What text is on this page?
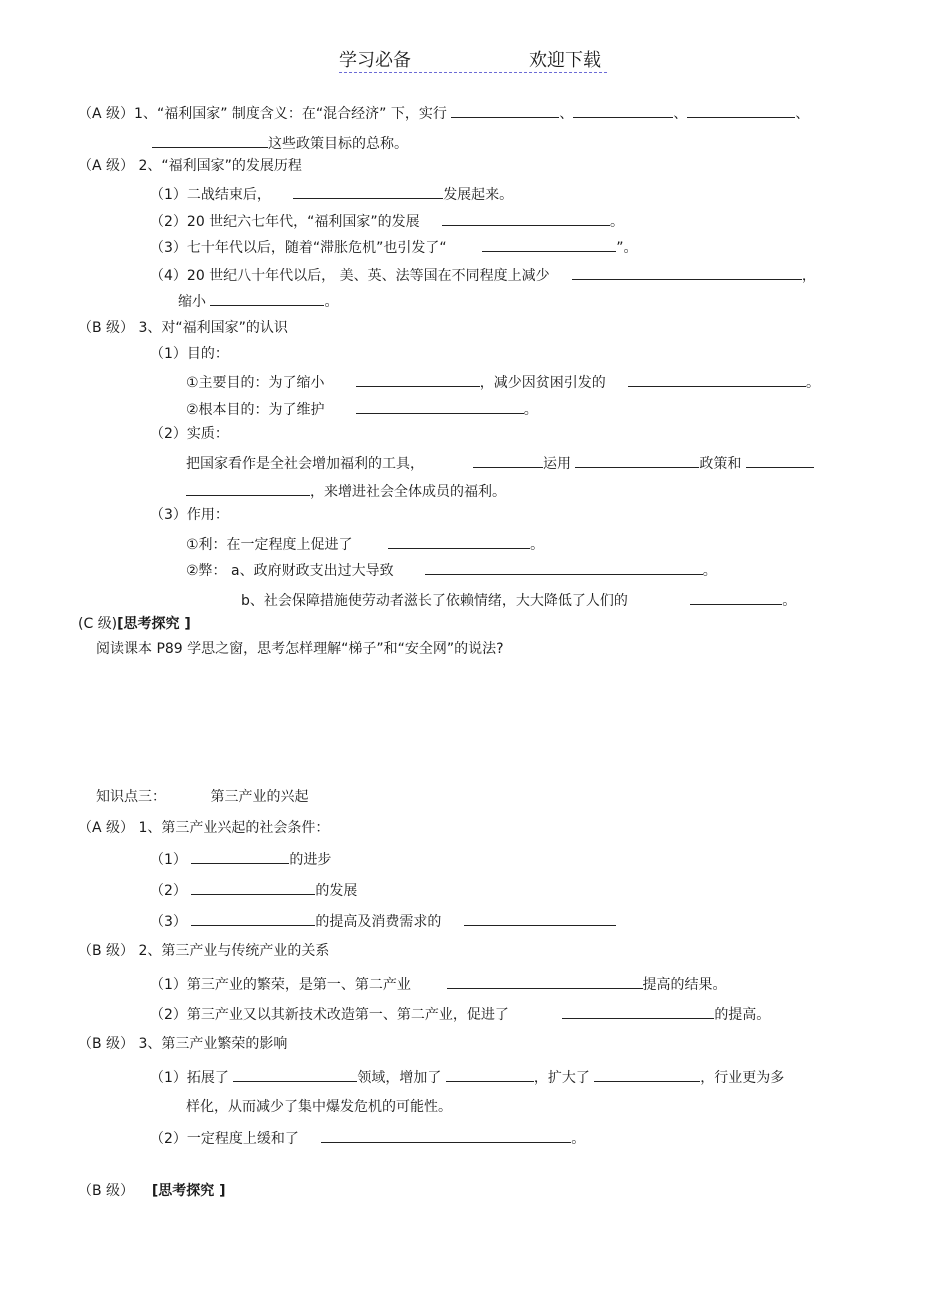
学习必备	欢迎下载
（A 级）1、“福利国家” 制度含义：在“混合经济” 下，实行	、	、	、
这些政策目标的总称。
（A 级） 2、“福利国家”的发展历程
（1）二战结束后，	发展起来。
（2）20 世纪六七年代，“福利国家”的发展	。
（3）七十年代以后，随着“滞胀危机”也引发了“	”。
（4）20 世纪八十年代以后， 美、英、法等国在不同程度上减少	，
缩小	。
（B 级） 3、对“福利国家”的认识
（1）目的：
①主要目的：为了缩小	，减少因贫困引发的	。
②根本目的：为了维护	。
（2）实质：
把国家看作是全社会增加福利的工具，	运用	政策和
，来增进社会全体成员的福利。
（3）作用：
①利：在一定程度上促进了	。
②弊： a、政府财政支出过大导致	。
b、社会保障措施使劳动者滋长了依赖情绪，大大降低了人们的	。
(C 级)[思考探究 ]
阅读课本 P89 学思之窗，思考怎样理解“梯子”和“安全网”的说法?
知识点三：	第三产业的兴起
（A 级） 1、第三产业兴起的社会条件：
（1）	的进步
（2）	的发展
（3）	的提高及消费需求的
（B 级） 2、第三产业与传统产业的关系
（1）第三产业的繁荣，是第一、第二产业	提高的结果。
（2）第三产业又以其新技术改造第一、第二产业，促进了	的提高。
（B 级） 3、第三产业繁荣的影响
（1）拓展了	领域，增加了	，扩大了	，行业更为多
样化，从而减少了集中爆发危机的可能性。
（2）一定程度上缓和了	。
（B 级） [思考探究 ]
